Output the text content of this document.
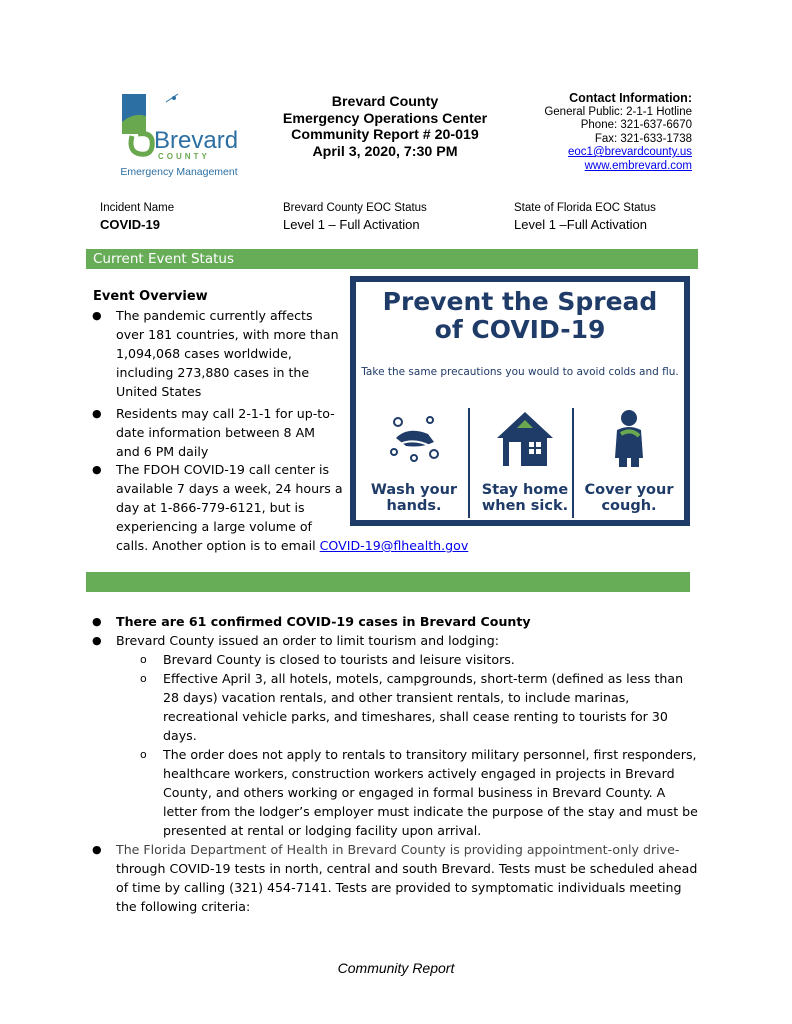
Brevard
COUNTY
Emergency Management
Brevard County
Emergency Operations Center
Community Report # 20-019
April 3, 2020, 7:30 PM
Contact Information:
General Public: 2-1-1 Hotline
Phone: 321-637-6670
Fax: 321-633-1738
eoc1@brevardcounty.us
www.embrevard.com
Incident Name
COVID-19
Brevard County EOC Status
Level 1 – Full Activation
State of Florida EOC Status
Level 1 –Full Activation
Current Event Status
Event Overview
● The pandemic currently affects
over 181 countries, with more than
1,094,068 cases worldwide,
including 273,880 cases in the
United States
● Residents may call 2-1-1 for up-to-
date information between 8 AM
and 6 PM daily
● The FDOH COVID-19 call center is
available 7 days a week, 24 hours a
day at 1-866-779-6121, but is
experiencing a large volume of
calls. Another option is to email COVID-19@flhealth.gov
Prevent the Spread
of COVID-19
Take the same precautions you would to avoid colds and flu.
Wash your
hands.
Stay home
when sick.
Cover your
cough.
● There are 61 confirmed COVID-19 cases in Brevard County
● Brevard County issued an order to limit tourism and lodging:
o Brevard County is closed to tourists and leisure visitors.
o Effective April 3, all hotels, motels, campgrounds, short-term (defined as less than
28 days) vacation rentals, and other transient rentals, to include marinas,
recreational vehicle parks, and timeshares, shall cease renting to tourists for 30
days.
o The order does not apply to rentals to transitory military personnel, first responders,
healthcare workers, construction workers actively engaged in projects in Brevard
County, and others working or engaged in formal business in Brevard County. A
letter from the lodger’s employer must indicate the purpose of the stay and must be
presented at rental or lodging facility upon arrival.
● The Florida Department of Health in Brevard County is providing appointment-only drive-
through COVID-19 tests in north, central and south Brevard. Tests must be scheduled ahead
of time by calling (321) 454-7141. Tests are provided to symptomatic individuals meeting
the following criteria:
Community Report
